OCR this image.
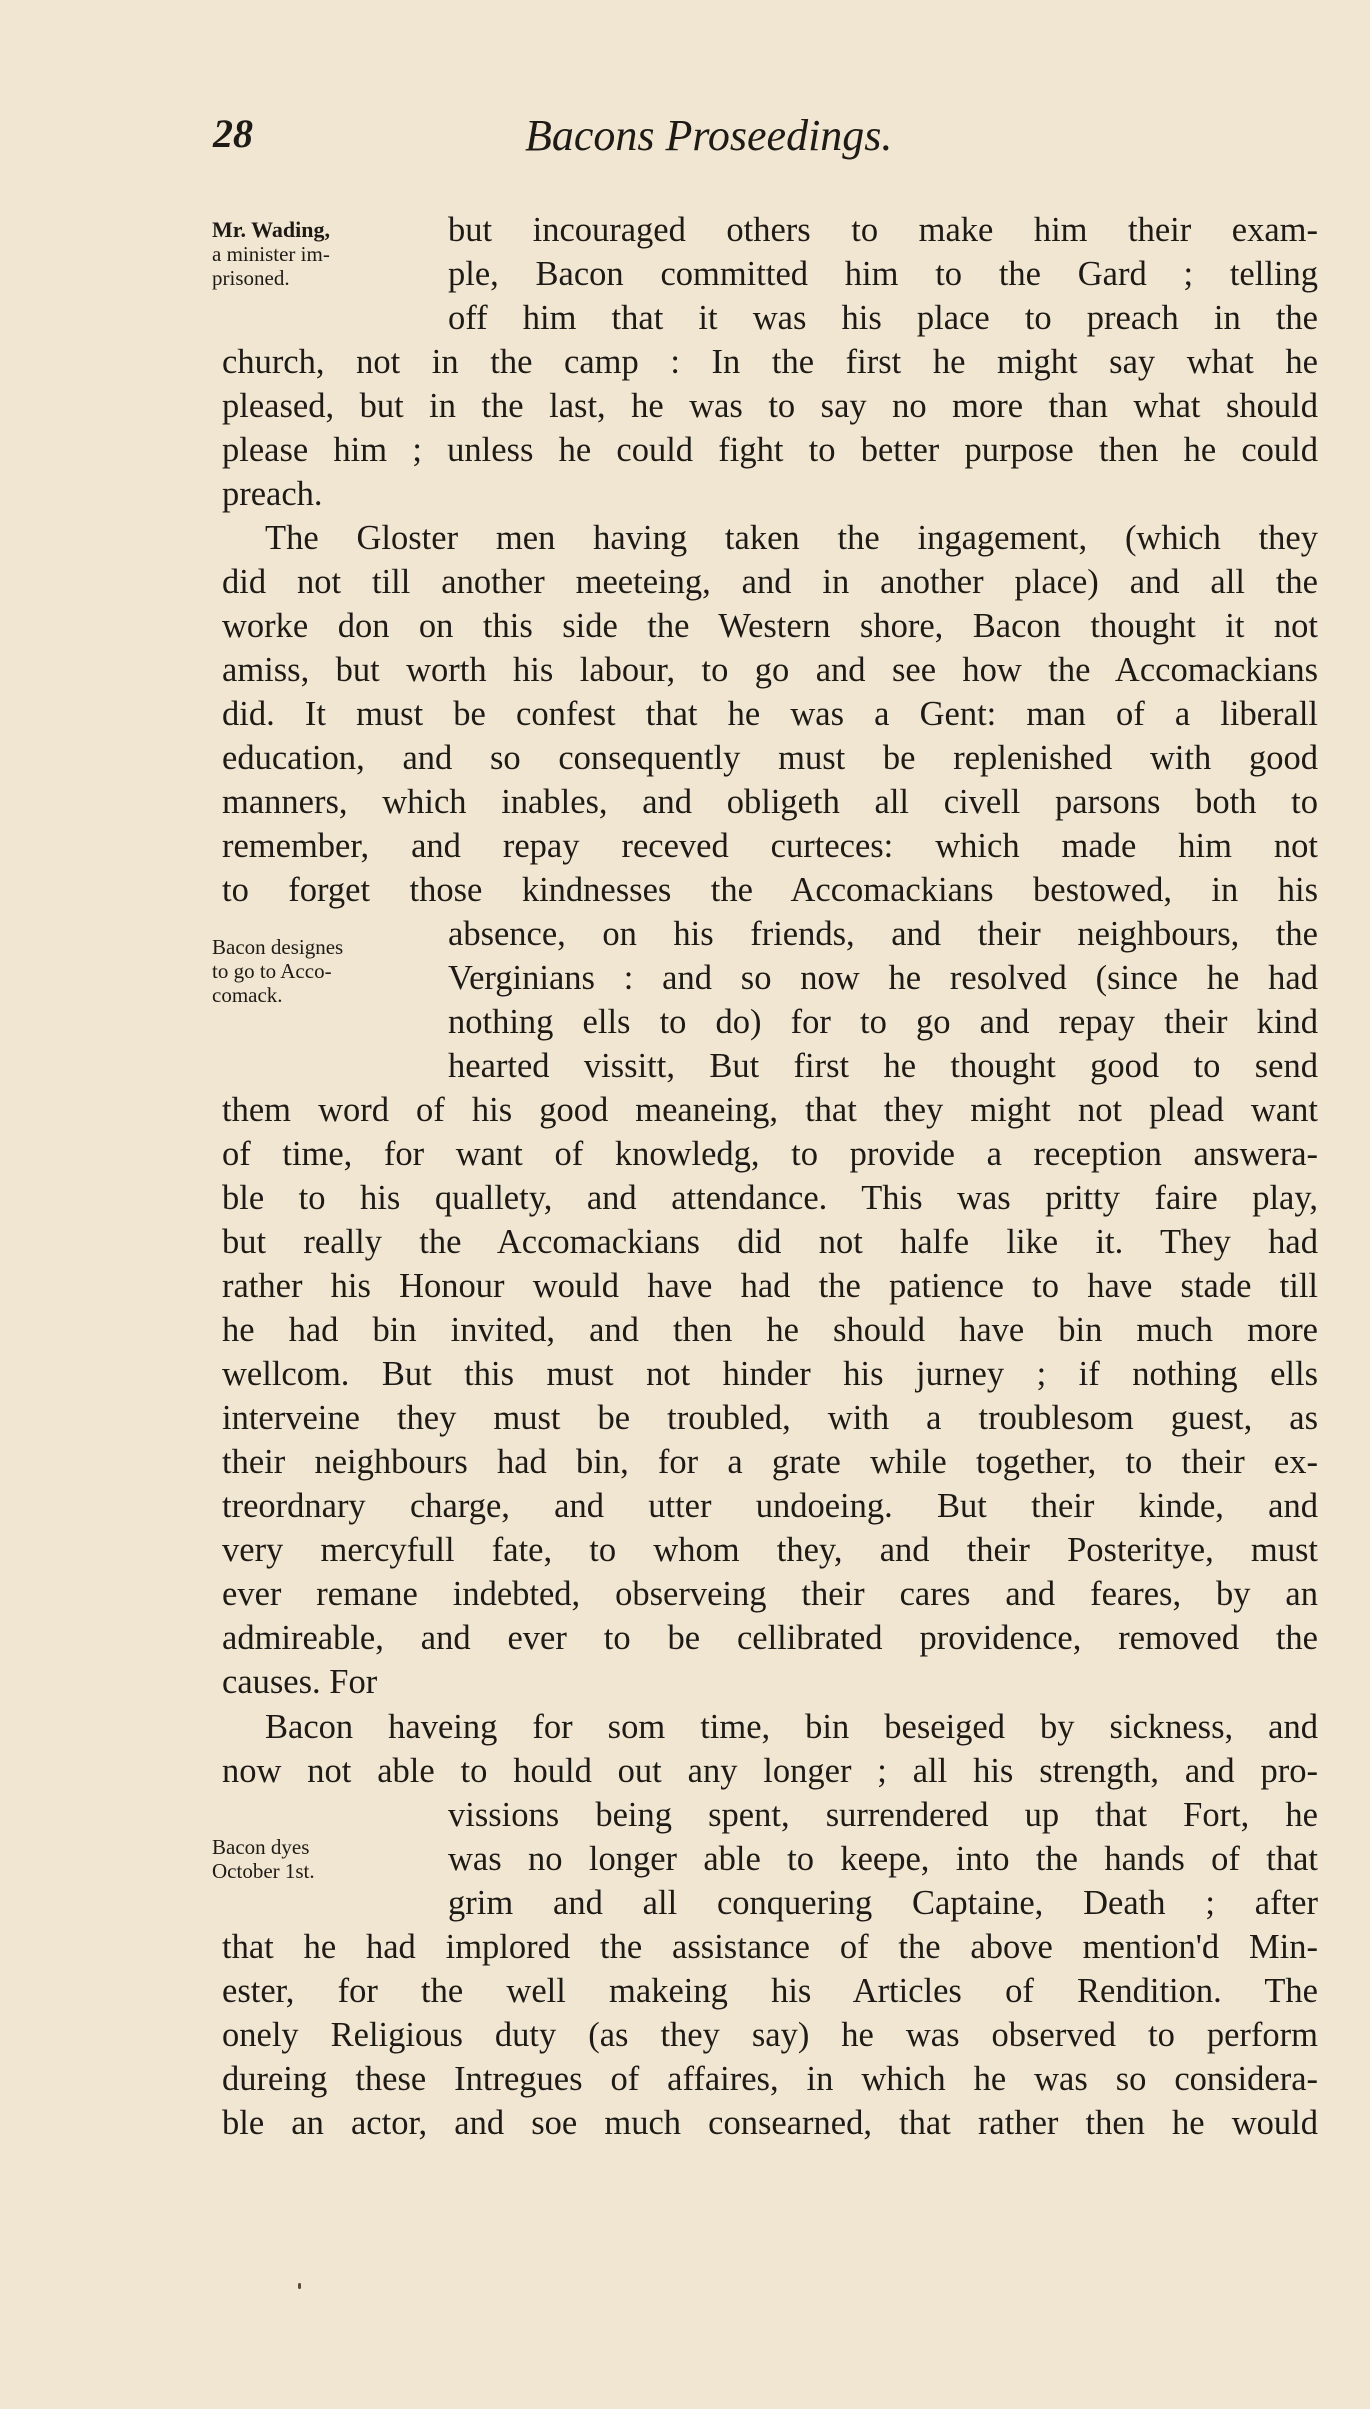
28	Bacons Proseedings.
Mr. Wading,
a minister im-
prisoned.
Bacon designes
to go to Acco-
comack.
Bacon dyes
October 1st.

but incouraged others to make him their exam-

ple, Bacon committed him to the Gard ; telling

off him that it was his place to preach in the

church, not in the camp : In the first he might say what he

pleased, but in the last, he was to say no more than what should

please him ; unless he could fight to better purpose then he could

preach.

The Gloster men having taken the ingagement, (which they

did not till another meeteing, and in another place) and all the

worke don on this side the Western shore, Bacon thought it not

amiss, but worth his labour, to go and see how the Accomackians

did. It must be confest that he was a Gent: man of a liberall

education, and so consequently must be replenished with good

manners, which inables, and obligeth all civell parsons both to

remember, and repay receved curteces: which made him not

to forget those kindnesses the Accomackians bestowed, in his

absence, on his friends, and their neighbours, the

Verginians : and so now he resolved (since he had

nothing ells to do) for to go and repay their kind

hearted vissitt, But first he thought good to send

them word of his good meaneing, that they might not plead want

of time, for want of knowledg, to provide a reception answera-

ble to his quallety, and attendance. This was pritty faire play,

but really the Accomackians did not halfe like it. They had

rather his Honour would have had the patience to have stade till

he had bin invited, and then he should have bin much more

wellcom. But this must not hinder his jurney ; if nothing ells

interveine they must be troubled, with a troublesom guest, as

their neighbours had bin, for a grate while together, to their ex-

treordnary charge, and utter undoeing. But their kinde, and

very mercyfull fate, to whom they, and their Posteritye, must

ever remane indebted, observeing their cares and feares, by an

admireable, and ever to be cellibrated providence, removed the

causes. For

Bacon haveing for som time, bin beseiged by sickness, and

now not able to hould out any longer ; all his strength, and pro-

vissions being spent, surrendered up that Fort, he

was no longer able to keepe, into the hands of that

grim and all conquering Captaine, Death ; after

that he had implored the assistance of the above mention'd Min-

ester, for the well makeing his Articles of Rendition. The

onely Religious duty (as they say) he was observed to perform

dureing these Intregues of affaires, in which he was so considera-

ble an actor, and soe much consearned, that rather then he would
